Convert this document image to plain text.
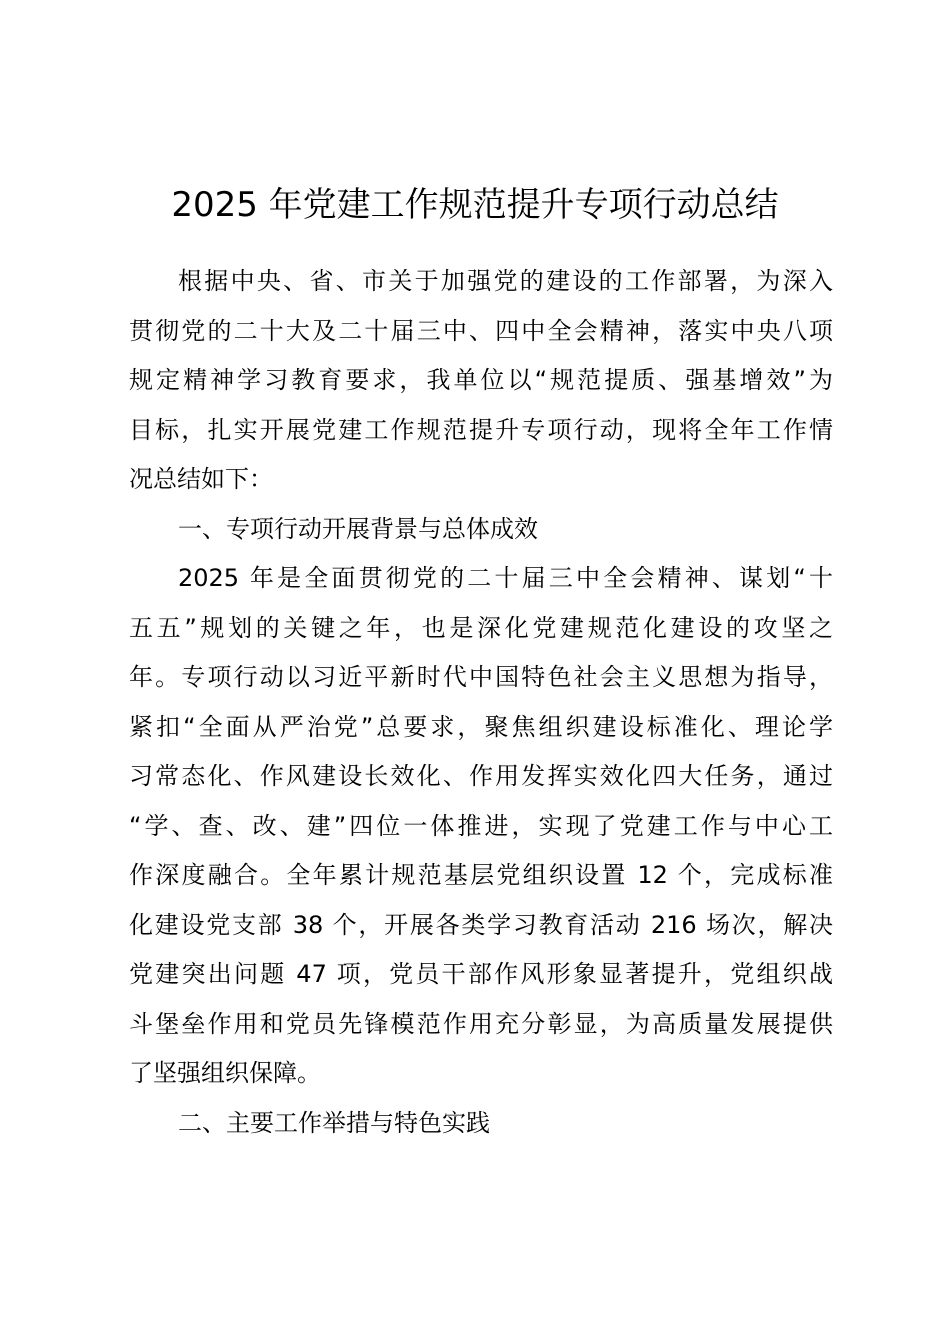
2025 年党建工作规范提升专项行动总结
根据中央、省、市关于加强党的建设的工作部署，为深入
贯彻党的二十大及二十届三中、四中全会精神，落实中央八项
规定精神学习教育要求，我单位以“规范提质、强基增效”为
目标，扎实开展党建工作规范提升专项行动，现将全年工作情
况总结如下：
一、专项行动开展背景与总体成效
2025 年是全面贯彻党的二十届三中全会精神、谋划“十
五五”规划的关键之年，也是深化党建规范化建设的攻坚之
年。专项行动以习近平新时代中国特色社会主义思想为指导，
紧扣“全面从严治党”总要求，聚焦组织建设标准化、理论学
习常态化、作风建设长效化、作用发挥实效化四大任务，通过
“学、查、改、建”四位一体推进，实现了党建工作与中心工
作深度融合。全年累计规范基层党组织设置 12 个，完成标准
化建设党支部 38 个，开展各类学习教育活动 216 场次，解决
党建突出问题 47 项，党员干部作风形象显著提升，党组织战
斗堡垒作用和党员先锋模范作用充分彰显，为高质量发展提供
了坚强组织保障。
二、主要工作举措与特色实践
